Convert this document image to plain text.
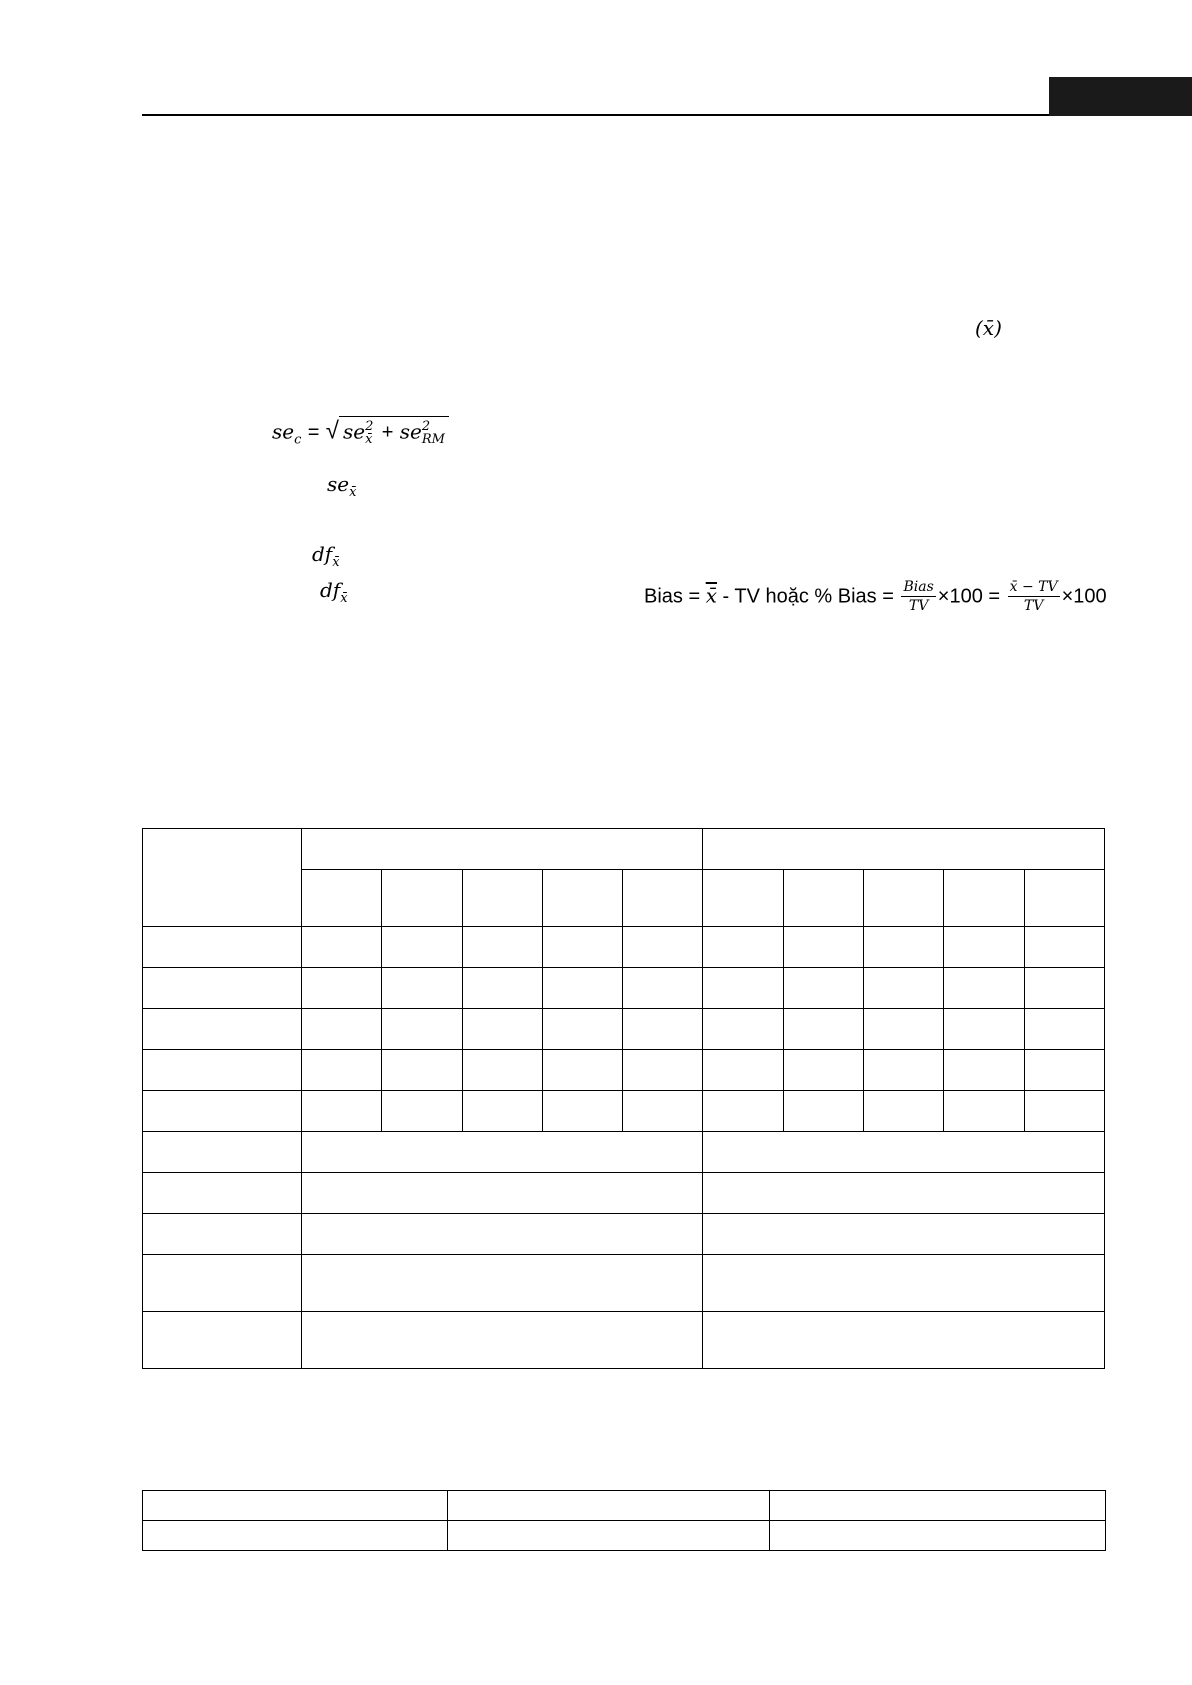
(x̄)
$se_c$ = √ se 2
x̄ + se 2
RM
$se_{x̄}$
$df_{x̄}$
$df_{x̄}$	Bias = x̄ - TV hoặc % Bias = $\frac{\text{Bias}}{TV} \times 100 = \frac{x̄ - TV}{TV} \times 100$
